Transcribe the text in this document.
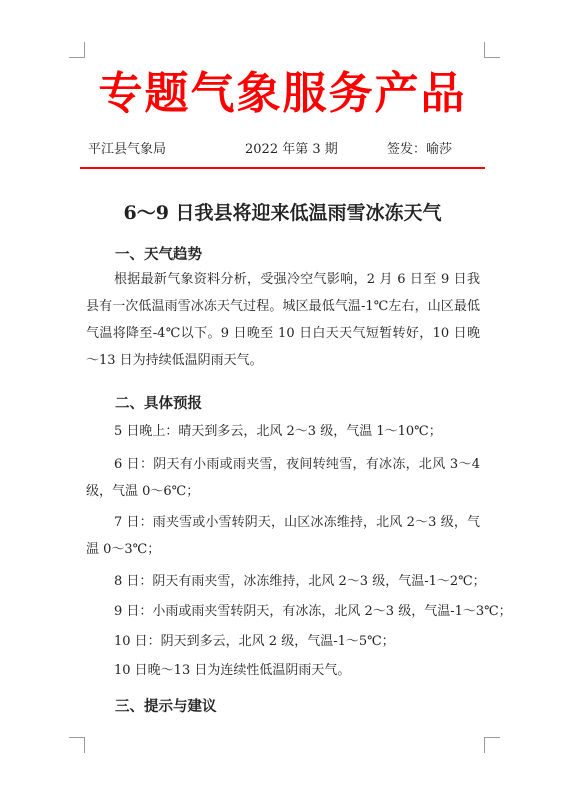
专题气象服务产品
平江县气象局	2022 年第 3 期	签发：喻莎
6～9 日我县将迎来低温雨雪冰冻天气
一、天气趋势
根据最新气象资料分析，受强冷空气影响，2 月 6 日至 9 日我县有一次低温雨雪冰冻天气过程。城区最低气温-1℃左右，山区最低气温将降至-4℃以下。9 日晚至 10 日白天天气短暂转好，10 日晚～13 日为持续低温阴雨天气。
二、具体预报
5 日晚上：晴天到多云，北风 2～3 级，气温 1～10℃；
6 日：阴天有小雨或雨夹雪，夜间转纯雪，有冰冻，北风 3～4 级，气温 0～6℃；
7 日：雨夹雪或小雪转阴天，山区冰冻维持，北风 2～3 级，气温 0～3℃；
8 日：阴天有雨夹雪，冰冻维持，北风 2～3 级，气温-1～2℃；
9 日：小雨或雨夹雪转阴天，有冰冻，北风 2～3 级，气温-1～3℃；
10 日：阴天到多云，北风 2 级，气温-1～5℃；
10 日晚～13 日为连续性低温阴雨天气。
三、提示与建议
